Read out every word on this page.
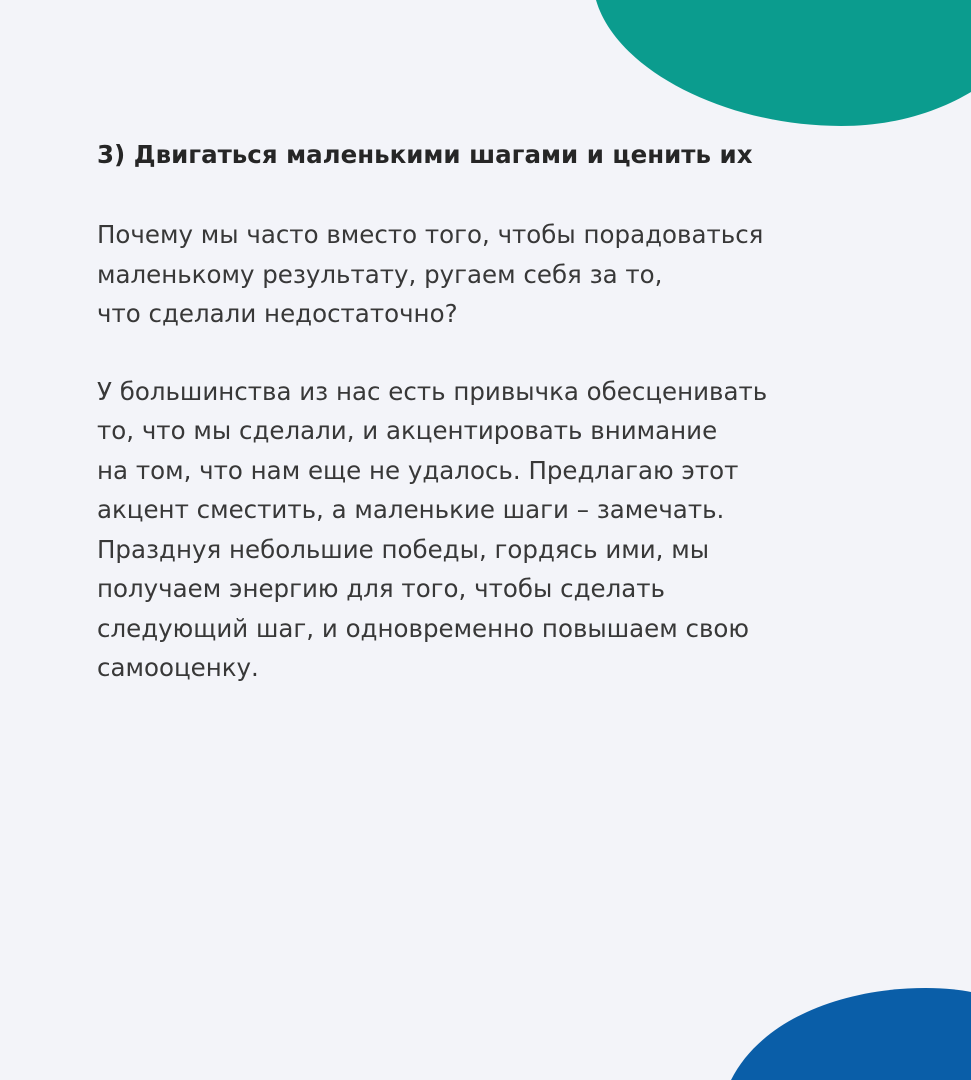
3) Двигаться маленькими шагами и ценить их

Почему мы часто вместо того, чтобы порадоваться
маленькому результату, ругаем себя за то,
что сделали недостаточно?

У большинства из нас есть привычка обесценивать
то, что мы сделали, и акцентировать внимание
на том, что нам еще не удалось. Предлагаю этот
акцент сместить, а маленькие шаги – замечать.
Празднуя небольшие победы, гордясь ими, мы
получаем энергию для того, чтобы сделать
следующий шаг, и одновременно повышаем свою
самооценку.
